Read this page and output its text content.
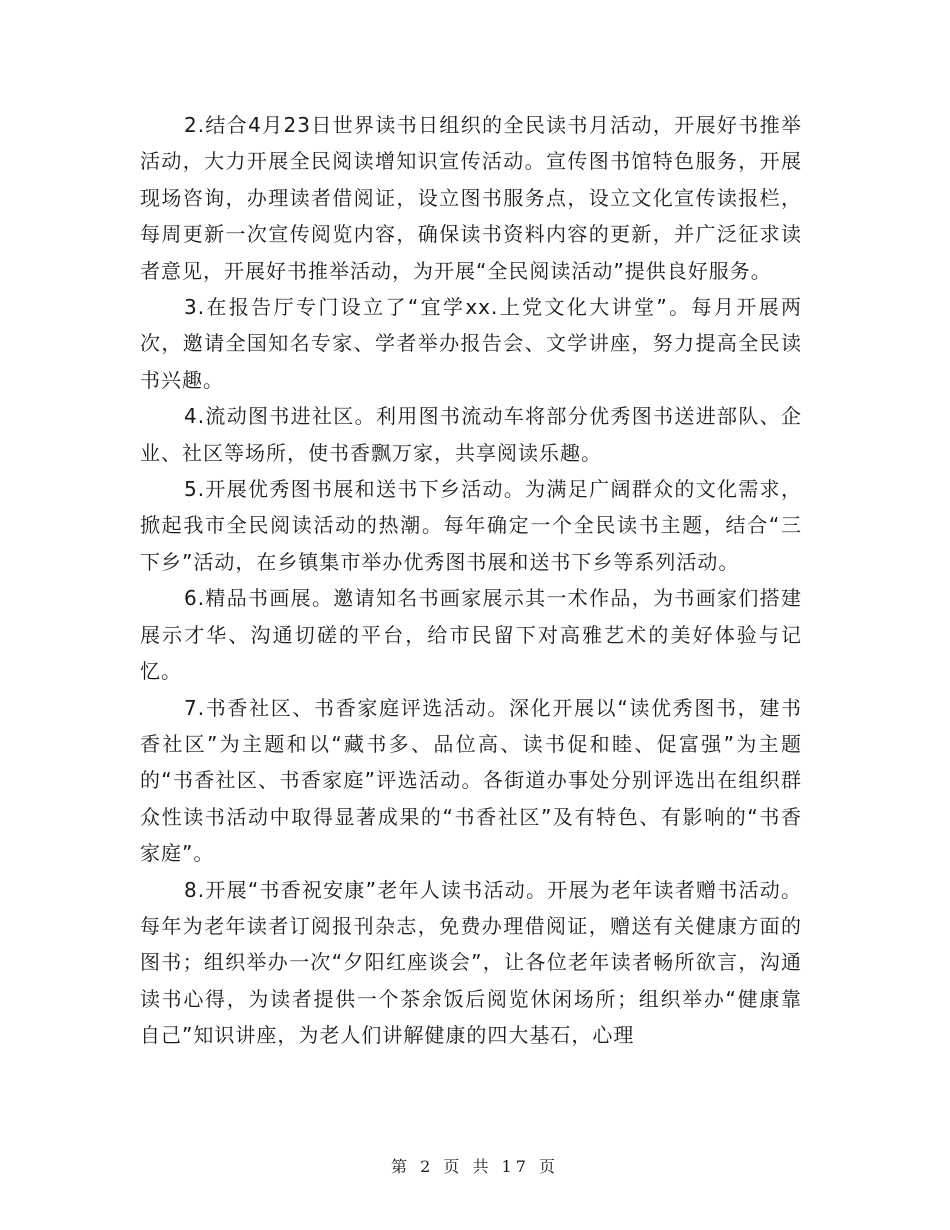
2.结合4月23日世界读书日组织的全民读书月活动，开展好书推举活动，大力开展全民阅读增知识宣传活动。宣传图书馆特色服务，开展现场咨询，办理读者借阅证，设立图书服务点，设立文化宣传读报栏，每周更新一次宣传阅览内容，确保读书资料内容的更新，并广泛征求读者意见，开展好书推举活动，为开展“全民阅读活动”提供良好服务。

3.在报告厅专门设立了“宜学xx.上党文化大讲堂”。每月开展两次，邀请全国知名专家、学者举办报告会、文学讲座，努力提高全民读书兴趣。

4.流动图书进社区。利用图书流动车将部分优秀图书送进部队、企业、社区等场所，使书香飘万家，共享阅读乐趣。

5.开展优秀图书展和送书下乡活动。为满足广阔群众的文化需求，掀起我市全民阅读活动的热潮。每年确定一个全民读书主题，结合“三下乡”活动，在乡镇集市举办优秀图书展和送书下乡等系列活动。

6.精品书画展。邀请知名书画家展示其一术作品，为书画家们搭建展示才华、沟通切磋的平台，给市民留下对高雅艺术的美好体验与记忆。

7.书香社区、书香家庭评选活动。深化开展以“读优秀图书，建书香社区”为主题和以“藏书多、品位高、读书促和睦、促富强”为主题的“书香社区、书香家庭”评选活动。各街道办事处分别评选出在组织群众性读书活动中取得显著成果的“书香社区”及有特色、有影响的“书香家庭”。

8.开展“书香祝安康”老年人读书活动。开展为老年读者赠书活动。每年为老年读者订阅报刊杂志，免费办理借阅证，赠送有关健康方面的图书；组织举办一次“夕阳红座谈会”，让各位老年读者畅所欲言，沟通读书心得，为读者提供一个茶余饭后阅览休闲场所；组织举办“健康靠自己”知识讲座，为老人们讲解健康的四大基石，心理

第 2 页 共 17 页
